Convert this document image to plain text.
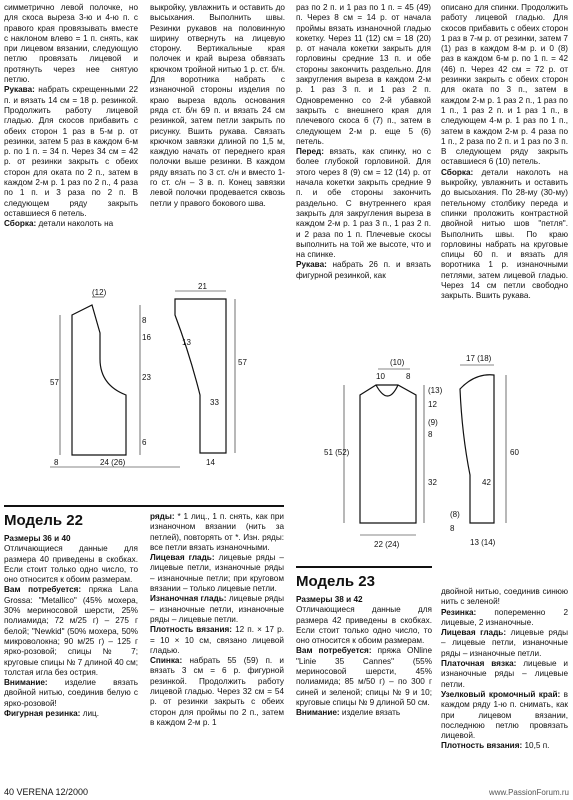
симметрично левой полочке, но для скоса выреза 3-ю и 4-ю п. с правого края провязывать вместе с наклоном влево = 1 п. снять, как при лицевом вязании, следующую петлю провязать лицевой и протянуть через нее снятую петлю.

Рукава: набрать скрещенными 22 п. и вязать 14 см = 18 р. резинкой. Продолжить работу лицевой гладью. Для скосов прибавить с обеих сторон 1 раз в 5-м р. от резинки, затем 5 раз в каждом 6-м р. по 1 п. = 34 п. Через 34 см = 42 р. от резинки закрыть с обеих сторон для оката по 2 п., затем в каждом 2-м р. 1 раз по 2 п., 4 раза по 1 п. и 3 раза по 2 п. В следующем ряду закрыть оставшиеся 6 петель.

Сборка: детали наколоть на

выкройку, увлажнить и оставить до высыхания. Выполнить швы. Резинки рукавов на половинную ширину отвернуть на лицевую сторону. Вертикальные края полочек и край выреза обвязать крючком тройной нитью 1 р. ст. б/н. Для воротника набрать с изнаночной стороны изделия по краю выреза вдоль основания ряда ст. б/н 69 п. и вязать 24 см резинкой, затем петли закрыть по рисунку. Вшить рукава. Связать крючком завязки длиной по 1,5 м, каждую начать от переднего края полочки выше резинки. В каждом ряду вязать по 3 ст. с/н и вместо 1-го ст. с/н – 3 в. п. Конец завязки левой полочки продевается сквозь петли у правого бокового шва.

раз по 2 п. и 1 раз по 1 п. = 45 (49) п. Через 8 см = 14 р. от начала проймы вязать изнаночной гладью кокетку. Через 11 (12) см = 18 (20) р. от начала кокетки закрыть для горловины средние 13 п. и обе стороны закончить раздельно. Для закругления выреза в каждом 2-м р. 1 раз 3 п. и 1 раз 2 п. Одновременно со 2-й убавкой закрыть с внешнего края для плечевого скоса 6 (7) п., затем в следующем 2-м р. еще 5 (6) петель.

Перед: вязать, как спинку, но с более глубокой горловиной. Для этого через 8 (9) см = 12 (14) р. от начала кокетки закрыть средние 9 п. и обе стороны закончить раздельно. С внутреннего края закрыть для закругления выреза в каждом 2-м р. 1 раз 3 п., 1 раз 2 п. и 2 раза по 1 п. Плечевые скосы выполнить на той же высоте, что и на спинке.

Рукава: набрать 26 п. и вязать фигурной резинкой, как

описано для спинки. Продолжить работу лицевой гладью. Для скосов прибавить с обеих сторон 1 раз в 7-м р. от резинки, затем 7 (1) раз в каждом 8-м р. и 0 (8) раз в каждом 6-м р. по 1 п. = 42 (46) п. Через 42 см = 72 р. от резинки закрыть с обеих сторон для оката по 3 п., затем в каждом 2-м р. 1 раз 2 п., 1 раз по 1 п., 1 раз 2 п. и 1 раз 1 п., в следующем 4-м р. 1 раз по 1 п., затем в каждом 2-м р. 4 раза по 1 п., 2 раза по 2 п. и 1 раз по 3 п. В следующем ряду закрыть оставшиеся 6 (10) петель.

Сборка: детали наколоть на выкройку, увлажнить и оставить до высыхания. По 28-му (30-му) петельному столбику переда и спинки проложить контрастной двойной нитью шов "петля". Выполнить швы. По краю горловины набрать на круговые спицы 60 п. и вязать для воротника 1 р. изнаночными петлями, затем лицевой гладью. Через 14 см петли свободно закрыть. Вшить рукава.

(12)
8
16
23
57
6
8	24 (26)
21
13
57
33
14
(10)
10	8
(13)
12
(9)
8
51 (52)
32
22 (24)
17 (18)
(8)
8
60
42
13 (14)
Модель 22

Размеры 36 и 40

Отличающиеся данные для размера 40 приведены в скобках. Если стоит только одно число, то оно относится к обоим размерам.

Вам потребуется: пряжа Lana Grossa: "Metallico" (45% мохера, 30% мериносовой шерсти, 25% полиамида; 72 м/25 г) – 275 г белой; "Newkid" (50% мохера, 50% микроволокна; 90 м/25 г) – 125 г ярко-розовой; спицы № 7; круговые спицы № 7 длиной 40 см; толстая игла без острия.

Внимание: изделие вязать двойной нитью, соединив белую с ярко-розовой!

Фигурная резинка: лиц.

ряды: * 1 лиц., 1 п. снять, как при изнаночном вязании (нить за петлей), повторять от *. Изн. ряды: все петли вязать изнаночными.

Лицевая гладь: лицевые ряды – лицевые петли, изнаночные ряды – изнаночные петли; при круговом вязании – только лицевые петли.

Изнаночная гладь: лицевые ряды – изнаночные петли, изнаночные ряды – лицевые петли.

Плотность вязания: 12 п. × 17 р. = 10 × 10 см, связано лицевой гладью.

Спинка: набрать 55 (59) п. и вязать 3 см = 6 р. фигурной резинкой. Продолжить работу лицевой гладью. Через 32 см = 54 р. от резинки закрыть с обеих сторон для проймы по 2 п., затем в каждом 2-м р. 1

Модель 23

Размеры 38 и 42

Отличающиеся данные для размера 42 приведены в скобках. Если стоит только одно число, то оно относится к обоим размерам.

Вам потребуется: пряжа ONline "Linie 35 Cannes" (55% мериносовой шерсти, 45% полиамида; 85 м/50 г) – по 300 г синей и зеленой; спицы № 9 и 10; круговые спицы № 9 длиной 50 см.

Внимание: изделие вязать

двойной нитью, соединив синюю нить с зеленой!

Резинка: попеременно 2 лицевые, 2 изнаночные.

Лицевая гладь: лицевые ряды – лицевые петли, изнаночные ряды – изнаночные петли.

Платочная вязка: лицевые и изнаночные ряды – лицевые петли.

Узелковый кромочный край: в каждом ряду 1-ю п. снимать, как при лицевом вязании, последнюю петлю провязать лицевой.

Плотность вязания: 10,5 п.

40 VERENA 12/2000	www.PassionForum.ru
